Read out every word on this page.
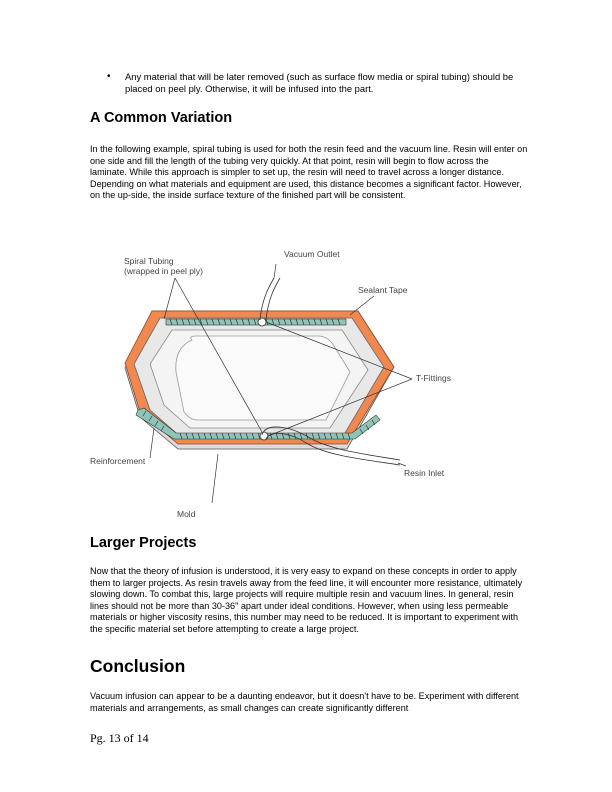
• Any material that will be later removed (such as surface flow media or spiral tubing) should be placed on peel ply. Otherwise, it will be infused into the part.
A Common Variation

In the following example, spiral tubing is used for both the resin feed and the vacuum line. Resin will enter on one side and fill the length of the tubing very quickly. At that point, resin will begin to flow across the laminate. While this approach is simpler to set up, the resin will need to travel across a longer distance. Depending on what materials and equipment are used, this distance becomes a significant factor. However, on the up-side, the inside surface texture of the finished part will be consistent.

Spiral Tubing
(wrapped in peel ply)
Vacuum Outlet
Sealant Tape
T-Fittings
Reinforcement
Resin Inlet
Mold
Larger Projects

Now that the theory of infusion is understood, it is very easy to expand on these concepts in order to apply them to larger projects. As resin travels away from the feed line, it will encounter more resistance, ultimately slowing down. To combat this, large projects will require multiple resin and vacuum lines. In general, resin lines should not be more than 30-36" apart under ideal conditions. However, when using less permeable materials or higher viscosity resins, this number may need to be reduced. It is important to experiment with the specific material set before attempting to create a large project.

Conclusion

Vacuum infusion can appear to be a daunting endeavor, but it doesn't have to be. Experiment with different materials and arrangements, as small changes can create significantly different

Pg. 13 of 14
